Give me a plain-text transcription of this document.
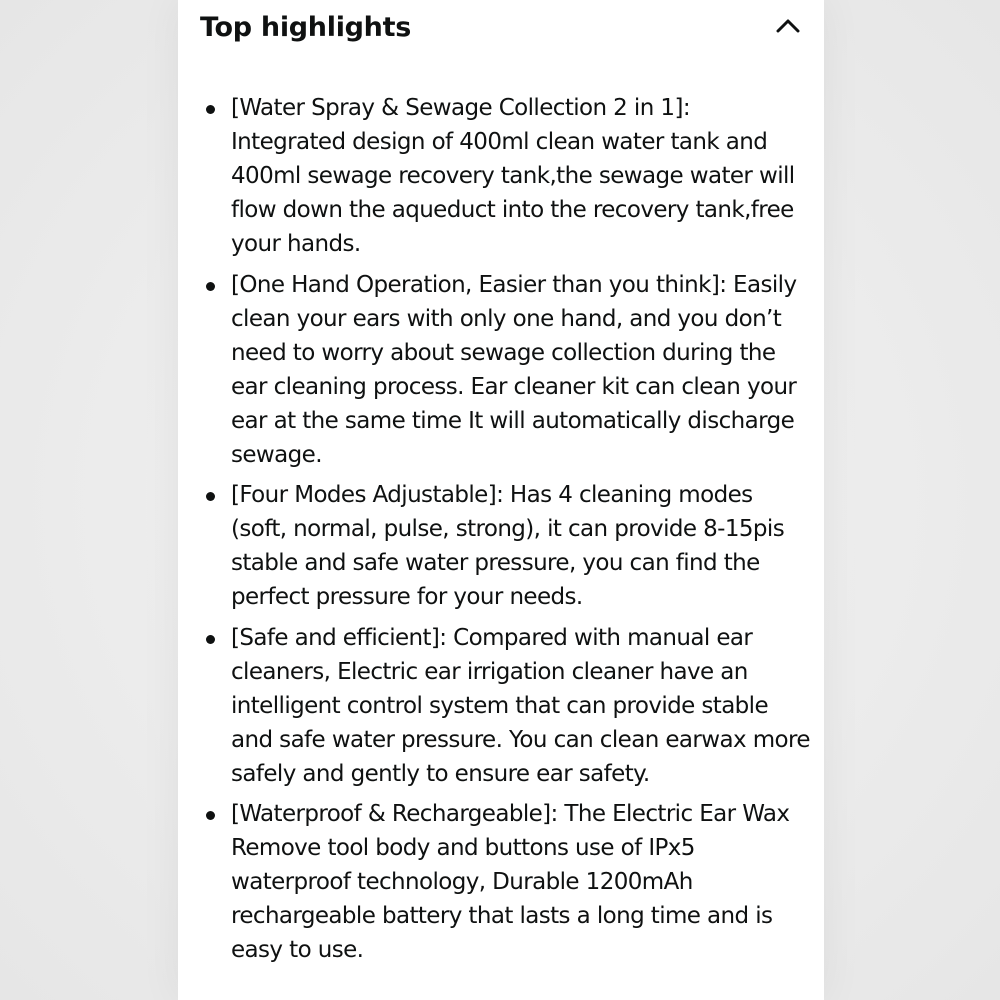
Top highlights
[Water Spray & Sewage Collection 2 in 1]: Integrated design of 400ml clean water tank and 400ml sewage recovery tank,the sewage water will flow down the aqueduct into the recovery tank,free your hands.
[One Hand Operation, Easier than you think]: Easily clean your ears with only one hand, and you don’t need to worry about sewage collection during the ear cleaning process. Ear cleaner kit can clean your ear at the same time It will automatically discharge sewage.
[Four Modes Adjustable]: Has 4 cleaning modes (soft, normal, pulse, strong), it can provide 8-15pis stable and safe water pressure, you can find the perfect pressure for your needs.
[Safe and efficient]: Compared with manual ear cleaners, Electric ear irrigation cleaner have an intelligent control system that can provide stable and safe water pressure. You can clean earwax more safely and gently to ensure ear safety.
[Waterproof & Rechargeable]: The Electric Ear Wax Remove tool body and buttons use of IPx5 waterproof technology, Durable 1200mAh rechargeable battery that lasts a long time and is easy to use.
